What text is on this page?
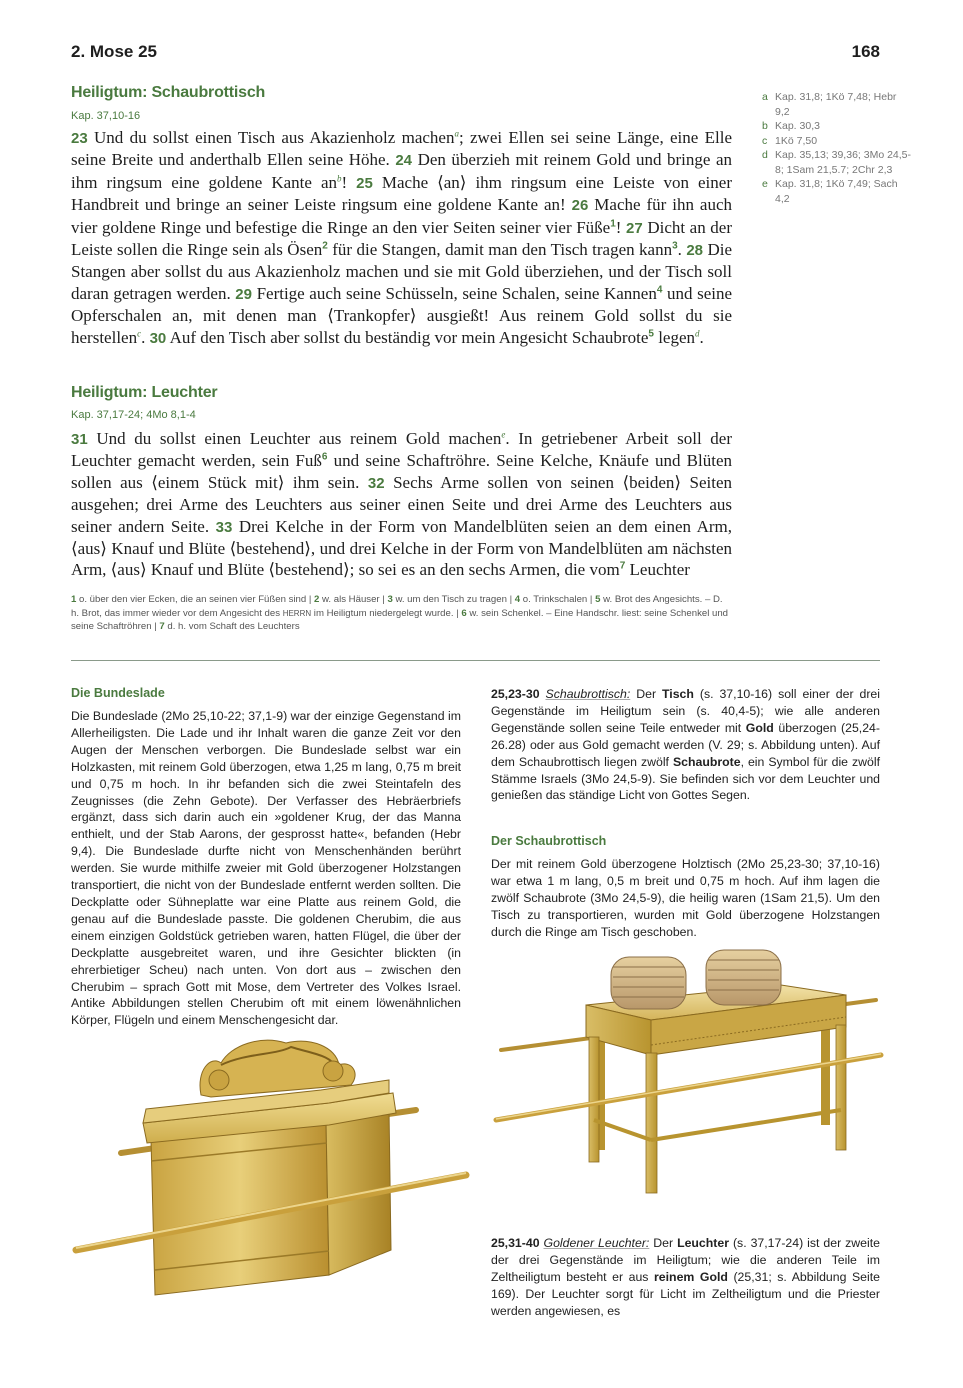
2. Mose 25	168
Heiligtum: Schaubrottisch
Kap. 37,10-16
23 Und du sollst einen Tisch aus Akazienholz machen$^a$; zwei Ellen sei seine Länge, eine Elle seine Breite und anderthalb Ellen seine Höhe. 24 Den überzieh mit reinem Gold und bringe an ihm ringsum eine goldene Kante $an^b$! 25 Mache ⟨an⟩ ihm ringsum eine Leiste von einer Handbreit und bringe an seiner Leiste ringsum eine goldene Kante an! 26 Mache für ihn auch vier goldene Ringe und befestige die Ringe an den vier Seiten seiner vier Füße$^1$! 27 Dicht an der Leiste sollen die Ringe sein als Ösen$^2$ für die Stangen, damit man den Tisch tragen kann$^3$. 28 Die Stangen aber sollst du aus Akazienholz machen und sie mit Gold überziehen, und der Tisch soll daran getragen werden. 29 Fertige auch seine Schüsseln, seine Schalen, seine Kannen$^4$ und seine Opferschalen an, mit denen man ⟨Trankopfer⟩ ausgießt! Aus reinem Gold sollst du sie herstellen$^c$. 30 Auf den Tisch aber sollst du beständig vor mein Angesicht Schaubrote$^5$ legen$^d$.
Heiligtum: Leuchter
Kap. 37,17-24; 4Mo 8,1-4
31 Und du sollst einen Leuchter aus reinem Gold machen$^e$. In getriebener Arbeit soll der Leuchter gemacht werden, sein Fuß$^6$ und seine Schaftröhre. Seine Kelche, Knäufe und Blüten sollen aus ⟨einem Stück mit⟩ ihm sein. 32 Sechs Arme sollen von seinen ⟨beiden⟩ Seiten ausgehen; drei Arme des Leuchters aus seiner einen Seite und drei Arme des Leuchters aus seiner andern Seite. 33 Drei Kelche in der Form von Mandelblüten seien an dem einen Arm, ⟨aus⟩ Knauf und Blüte ⟨bestehend⟩, und drei Kelche in der Form von Mandelblüten am nächsten Arm, ⟨aus⟩ Knauf und Blüte ⟨bestehend⟩; so sei es an den sechs Armen, die vom$^7$ Leuchter
a Kap. 31,8; 1Kö 7,48; Hebr 9,2
b Kap. 30,3
c 1Kö 7,50
d Kap. 35,13; 39,36; 3Mo 24,5-8; 1Sam 21,5.7; 2Chr 2,3
e Kap. 31,8; 1Kö 7,49; Sach 4,2
1 o. über den vier Ecken, die an seinen vier Füßen sind | 2 w. als Häuser | 3 w. um den Tisch zu tragen | 4 o. Trinkschalen | 5 w. Brot des Angesichts. – D. h. Brot, das immer wieder vor dem Angesicht des HERRN im Heiligtum niedergelegt wurde. | 6 w. sein Schenkel. – Eine Handschr. liest: seine Schenkel und seine Schaftröhren | 7 d. h. vom Schaft des Leuchters
Die Bundeslade
Die Bundeslade (2Mo 25,10-22; 37,1-9) war der einzige Gegenstand im Allerheiligsten. Die Lade und ihr Inhalt waren die ganze Zeit vor den Augen der Menschen verborgen. Die Bundeslade selbst war ein Holzkasten, mit reinem Gold überzogen, etwa 1,25 m lang, 0,75 m breit und 0,75 m hoch. In ihr befanden sich die zwei Steintafeln des Zeugnisses (die Zehn Gebote). Der Verfasser des Hebräerbriefs ergänzt, dass sich darin auch ein »goldener Krug, der das Manna enthielt, und der Stab Aarons, der gesprosst hatte«, befanden (Hebr 9,4). Die Bundeslade durfte nicht von Menschenhänden berührt werden. Sie wurde mithilfe zweier mit Gold überzogener Holzstangen transportiert, die nicht von der Bundeslade entfernt werden sollten. Die Deckplatte oder Sühneplatte war eine Platte aus reinem Gold, die genau auf die Bundeslade passte. Die goldenen Cherubim, die aus einem einzigen Goldstück getrieben waren, hatten Flügel, die über der Deckplatte ausgebreitet waren, und ihre Gesichter blickten (in ehrerbietiger Scheu) nach unten. Von dort aus – zwischen den Cherubim – sprach Gott mit Mose, dem Vertreter des Volkes Israel. Antike Abbildungen stellen Cherubim oft mit einem löwenähnlichen Körper, Flügeln und einem Menschengesicht dar.
25,23-30 Schaubrottisch: Der Tisch (s. 37,10-16) soll einer der drei Gegenstände im Heiligtum sein (s. 40,4-5); wie alle anderen Gegenstände sollen seine Teile entweder mit Gold überzogen (25,24-26.28) oder aus Gold gemacht werden (V. 29; s. Abbildung unten). Auf dem Schaubrottisch liegen zwölf Schaubrote, ein Symbol für die zwölf Stämme Israels (3Mo 24,5-9). Sie befinden sich vor dem Leuchter und genießen das ständige Licht von Gottes Segen.
Der Schaubrottisch
Der mit reinem Gold überzogene Holztisch (2Mo 25,23-30; 37,10-16) war etwa 1 m lang, 0,5 m breit und 0,75 m hoch. Auf ihm lagen die zwölf Schaubrote (3Mo 24,5-9), die heilig waren (1Sam 21,5). Um den Tisch zu transportieren, wurden mit Gold überzogene Holzstangen durch die Ringe am Tisch geschoben.
25,31-40 Goldener Leuchter: Der Leuchter (s. 37,17-24) ist der zweite der drei Gegenstände im Heiligtum; wie die anderen Teile im Zeltheiligtum besteht er aus reinem Gold (25,31; s. Abbildung Seite 169). Der Leuchter sorgt für Licht im Zeltheiligtum und die Priester werden angewiesen, es
